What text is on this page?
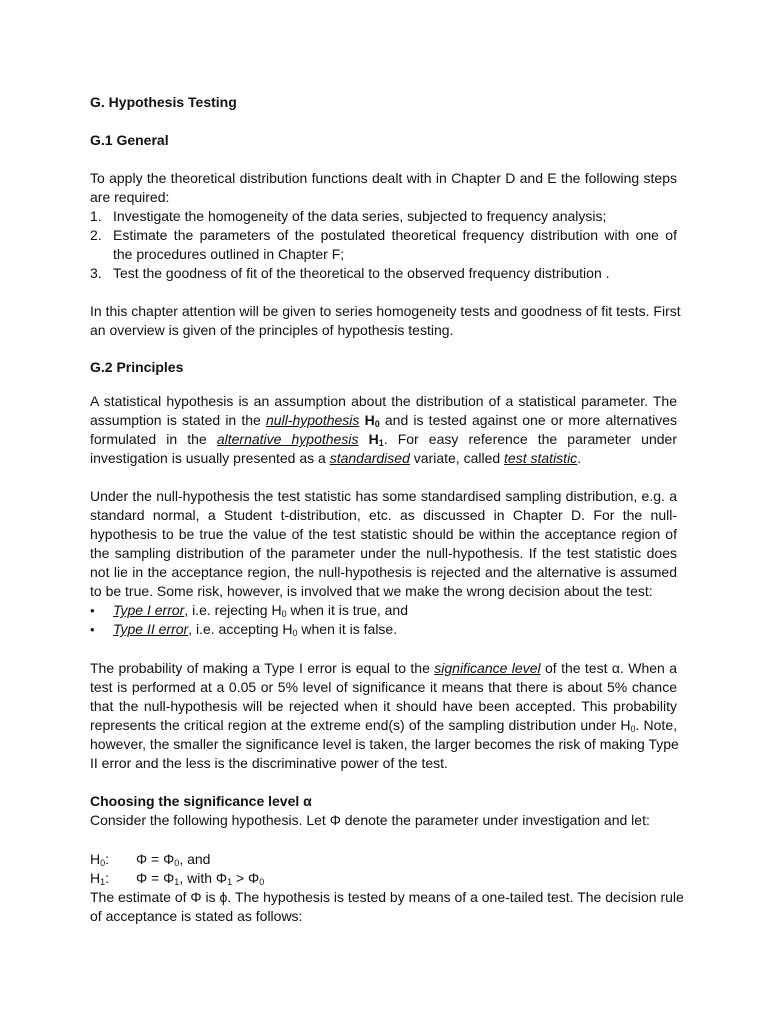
G. Hypothesis Testing
G.1 General
To apply the theoretical distribution functions dealt with in Chapter D and E the following steps
are required:
1. Investigate the homogeneity of the data series, subjected to frequency analysis;
2. Estimate the parameters of the postulated theoretical frequency distribution with one of
the procedures outlined in Chapter F;
3. Test the goodness of fit of the theoretical to the observed frequency distribution .
In this chapter attention will be given to series homogeneity tests and goodness of fit tests. First
an overview is given of the principles of hypothesis testing.
G.2 Principles
A statistical hypothesis is an assumption about the distribution of a statistical parameter. The
assumption is stated in the null-hypothesis $H_0$ and is tested against one or more alternatives
formulated in the alternative hypothesis $H_1$. For easy reference the parameter under
investigation is usually presented as a standardised variate, called test statistic.
Under the null-hypothesis the test statistic has some standardised sampling distribution, e.g. a
standard normal, a Student t-distribution, etc. as discussed in Chapter D. For the null-
hypothesis to be true the value of the test statistic should be within the acceptance region of
the sampling distribution of the parameter under the null-hypothesis. If the test statistic does
not lie in the acceptance region, the null-hypothesis is rejected and the alternative is assumed
to be true. Some risk, however, is involved that we make the wrong decision about the test:
• Type I error, i.e. rejecting $H_0$ when it is true, and
• Type II error, i.e. accepting $H_0$ when it is false.
The probability of making a Type I error is equal to the significance level of the test α. When a
test is performed at a 0.05 or 5% level of significance it means that there is about 5% chance
that the null-hypothesis will be rejected when it should have been accepted. This probability
represents the critical region at the extreme end(s) of the sampling distribution under $H_0$. Note,
however, the smaller the significance level is taken, the larger becomes the risk of making Type
II error and the less is the discriminative power of the test.
Choosing the significance level α
Consider the following hypothesis. Let Φ denote the parameter under investigation and let:
$H_0$: $\Phi = \Phi_0$, and
$H_1$: $\Phi = \Phi_1$, with $\Phi_1 > \Phi_0$
The estimate of Φ is ϕ. The hypothesis is tested by means of a one-tailed test. The decision rule
of acceptance is stated as follows:
